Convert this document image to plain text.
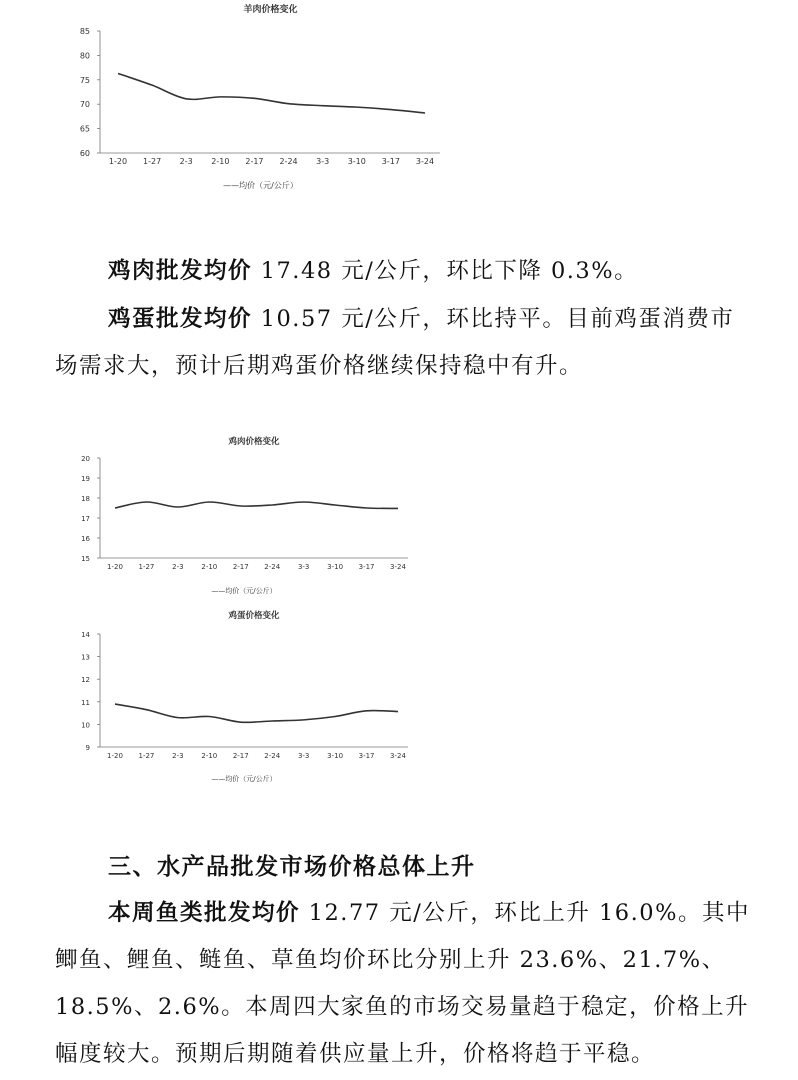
羊肉价格变化
60
65
70
75
80
85
1-20 1-27 2-3 2-10 2-17 2-24 3-3 3-10 3-17 3-24
——均价（元/公斤）

鸡肉批发均价 17.48 元/公斤，环比下降 0.3%。

鸡蛋批发均价 10.57 元/公斤，环比持平。目前鸡蛋消费市场需求大，预计后期鸡蛋价格继续保持稳中有升。

鸡肉价格变化
15
16
17
18
19
20
1-20 1-27	2-3	2-10 2-17 2-24	3-3	3-10 3-17 3-24
——均价（元/公斤）
鸡蛋价格变化
9
10
11
12
13
14
1-20 1-27	2-3	2-10 2-17 2-24	3-3	3-10 3-17 3-24
——均价（元/公斤）
三、水产品批发市场价格总体上升

本周鱼类批发均价 12.77 元/公斤，环比上升 16.0%。其中鲫鱼、鲤鱼、鲢鱼、草鱼均价环比分别上升 23.6%、21.7%、18.5%、2.6%。本周四大家鱼的市场交易量趋于稳定，价格上升幅度较大。预期后期随着供应量上升，价格将趋于平稳。
